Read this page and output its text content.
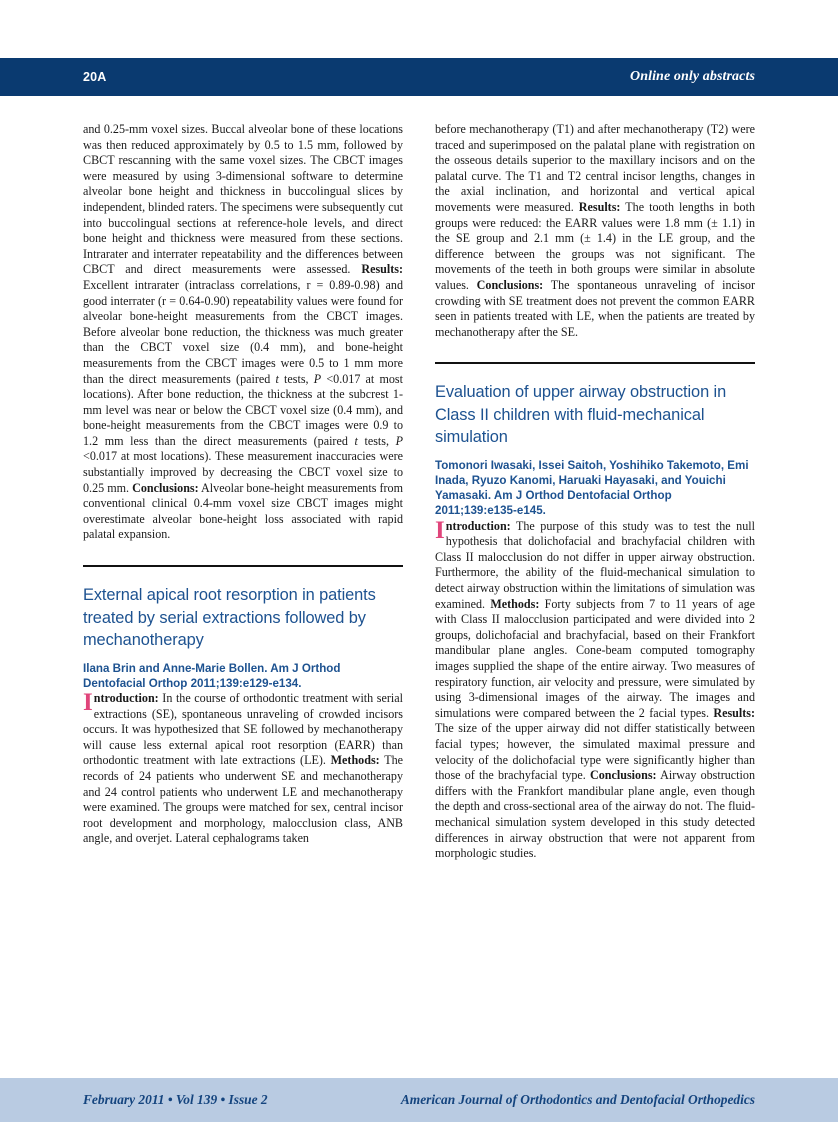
20A	Online only abstracts

and 0.25-mm voxel sizes. Buccal alveolar bone of these locations was then reduced approximately by 0.5 to 1.5 mm, followed by CBCT rescanning with the same voxel sizes. The CBCT images were measured by using 3-dimensional software to determine alveolar bone height and thickness in buccolingual slices by independent, blinded raters. The specimens were subsequently cut into buccolingual sections at reference-hole levels, and direct bone height and thickness were measured from these sections. Intrarater and interrater repeatability and the differences between CBCT and direct measurements were assessed. Results: Excellent intrarater (intraclass correlations, r = 0.89-0.98) and good interrater (r = 0.64-0.90) repeatability values were found for alveolar bone-height measurements from the CBCT images. Before alveolar bone reduction, the thickness was much greater than the CBCT voxel size (0.4 mm), and bone-height measurements from the CBCT images were 0.5 to 1 mm more than the direct measurements (paired t tests, P <0.017 at most locations). After bone reduction, the thickness at the subcrest 1-mm level was near or below the CBCT voxel size (0.4 mm), and bone-height measurements from the CBCT images were 0.9 to 1.2 mm less than the direct measurements (paired t tests, P <0.017 at most locations). These measurement inaccuracies were substantially improved by decreasing the CBCT voxel size to 0.25 mm. Conclusions: Alveolar bone-height measurements from conventional clinical 0.4-mm voxel size CBCT images might overestimate alveolar bone-height loss associated with rapid palatal expansion.

External apical root resorption in patients treated by serial extractions followed by mechanotherapy

Ilana Brin and Anne-Marie Bollen. Am J Orthod Dentofacial Orthop 2011;139:e129-e134.

Introduction: In the course of orthodontic treatment with serial extractions (SE), spontaneous unraveling of crowded incisors occurs. It was hypothesized that SE followed by mechanotherapy will cause less external apical root resorption (EARR) than orthodontic treatment with late extractions (LE). Methods: The records of 24 patients who underwent SE and mechanotherapy and 24 control patients who underwent LE and mechanotherapy were examined. The groups were matched for sex, central incisor root development and morphology, malocclusion class, ANB angle, and overjet. Lateral cephalograms taken

before mechanotherapy (T1) and after mechanotherapy (T2) were traced and superimposed on the palatal plane with registration on the osseous details superior to the maxillary incisors and on the palatal curve. The T1 and T2 central incisor lengths, changes in the axial inclination, and horizontal and vertical apical movements were measured. Results: The tooth lengths in both groups were reduced: the EARR values were 1.8 mm (± 1.1) in the SE group and 2.1 mm (± 1.4) in the LE group, and the difference between the groups was not significant. The movements of the teeth in both groups were similar in absolute values. Conclusions: The spontaneous unraveling of incisor crowding with SE treatment does not prevent the common EARR seen in patients treated with LE, when the patients are treated by mechanotherapy after the SE.

Evaluation of upper airway obstruction in Class II children with fluid-mechanical simulation

Tomonori Iwasaki, Issei Saitoh, Yoshihiko Takemoto, Emi Inada, Ryuzo Kanomi, Haruaki Hayasaki, and Youichi Yamasaki. Am J Orthod Dentofacial Orthop 2011;139:e135-e145.

Introduction: The purpose of this study was to test the null hypothesis that dolichofacial and brachyfacial children with Class II malocclusion do not differ in upper airway obstruction. Furthermore, the ability of the fluid-mechanical simulation to detect airway obstruction within the limitations of simulation was examined. Methods: Forty subjects from 7 to 11 years of age with Class II malocclusion participated and were divided into 2 groups, dolichofacial and brachyfacial, based on their Frankfort mandibular plane angles. Cone-beam computed tomography images supplied the shape of the entire airway. Two measures of respiratory function, air velocity and pressure, were simulated by using 3-dimensional images of the airway. The images and simulations were compared between the 2 facial types. Results: The size of the upper airway did not differ statistically between facial types; however, the simulated maximal pressure and velocity of the dolichofacial type were significantly higher than those of the brachyfacial type. Conclusions: Airway obstruction differs with the Frankfort mandibular plane angle, even though the depth and cross-sectional area of the airway do not. The fluid-mechanical simulation system developed in this study detected differences in airway obstruction that were not apparent from morphologic studies.

February 2011 • Vol 139 • Issue 2	American Journal of Orthodontics and Dentofacial Orthopedics
